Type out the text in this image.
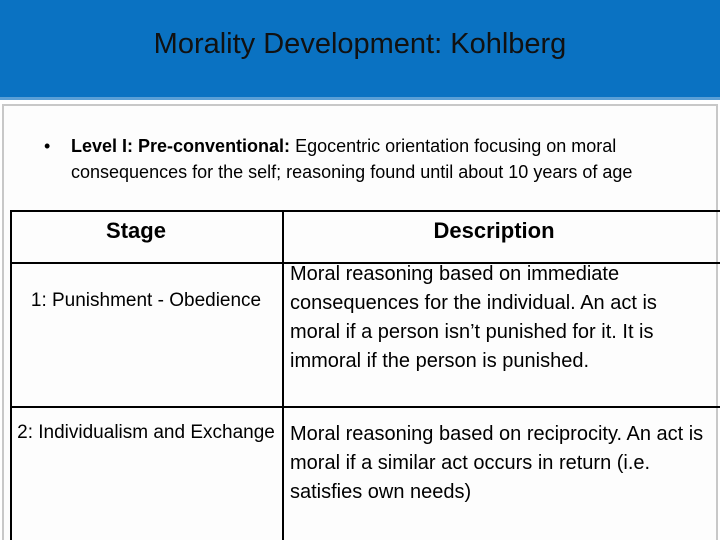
Morality Development: Kohlberg
•	Level I: Pre-conventional: Egocentric orientation focusing on moral consequences for the self; reasoning found until about 10 years of age
Stage	Description
1: Punishment - Obedience
Moral reasoning based on immediate consequences for the individual. An act is moral if a person isn’t punished for it. It is immoral if the person is punished.
2: Individualism and Exchange Moral reasoning based on reciprocity. An act is moral if a similar act occurs in return (i.e. satisfies own needs)
